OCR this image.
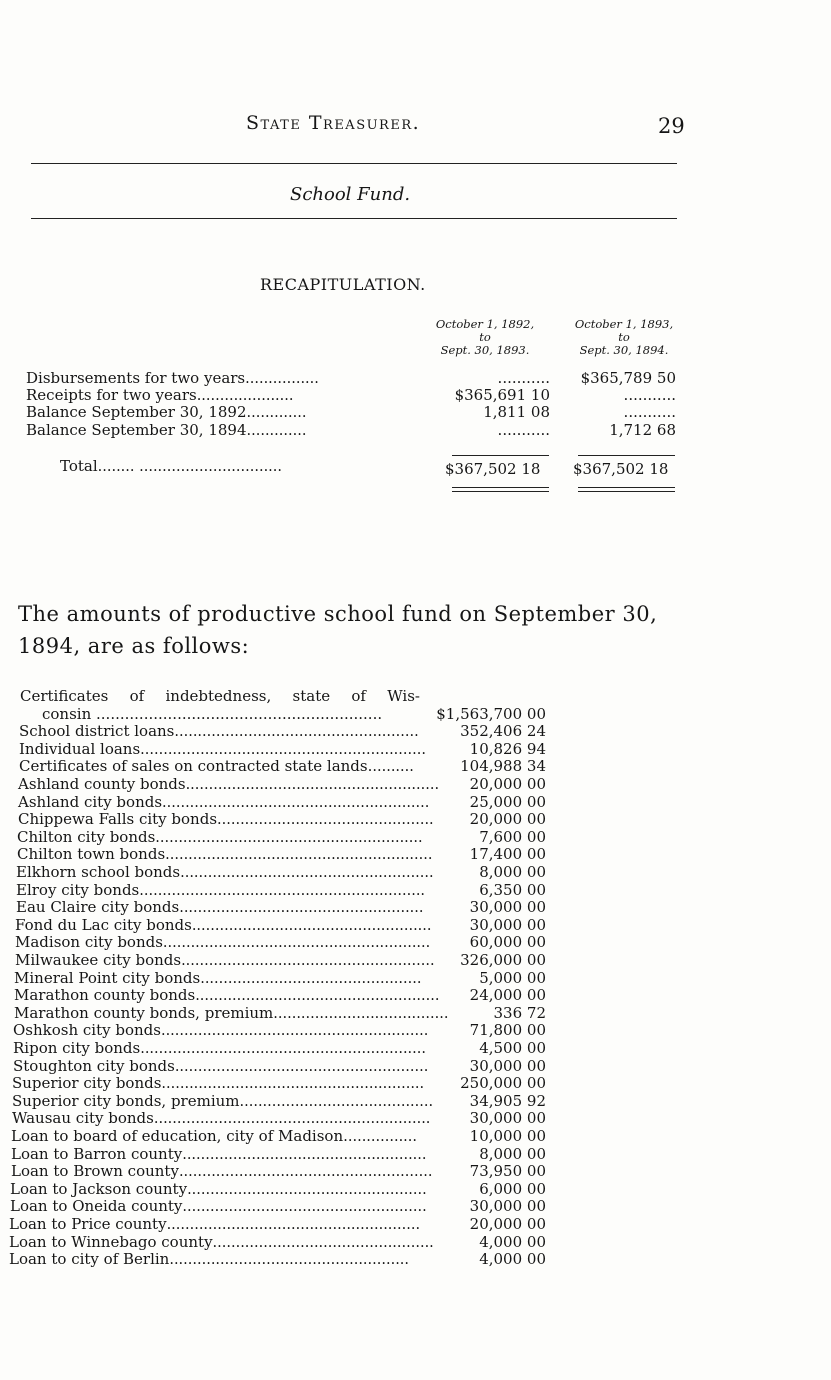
State Treasurer.	29
School Fund.
RECAPITULATION.
October 1, 1892,
to
Sept. 30, 1893.
October 1, 1893,
to
Sept. 30, 1894.
Disbursements for two years................	...........	$365,789 50
Receipts for two years.....................	$365,691 10	...........
Balance September 30, 1892.............	1,811 08	...........
Balance September 30, 1894.............	...........	1,712 68
Total........ ...............................	$367,502 18 $367,502 18
The amounts of productive school fund on September 30, 1894, are as follows:
Certificates of indebtedness, state of Wis-
consin ............................................................	$1,563,700 00
School district loans.....................................................	352,406 24
Individual loans..............................................................	10,826 94
Certificates of sales on contracted state lands..........	104,988 34
Ashland county bonds.......................................................	20,000 00
Ashland city bonds..........................................................	25,000 00
Chippewa Falls city bonds...............................................	20,000 00
Chilton city bonds..........................................................	7,600 00
Chilton town bonds..........................................................	17,400 00
Elkhorn school bonds.......................................................	8,000 00
Elroy city bonds..............................................................	6,350 00
Eau Claire city bonds.....................................................	30,000 00
Fond du Lac city bonds....................................................	30,000 00
Madison city bonds..........................................................	60,000 00
Milwaukee city bonds.......................................................	326,000 00
Mineral Point city bonds................................................	5,000 00
Marathon county bonds.....................................................	24,000 00
Marathon county bonds, premium......................................	336 72
Oshkosh city bonds..........................................................	71,800 00
Ripon city bonds..............................................................	4,500 00
Stoughton city bonds.......................................................	30,000 00
Superior city bonds.........................................................	250,000 00
Superior city bonds, premium..........................................	34,905 92
Wausau city bonds............................................................	30,000 00
Loan to board of education, city of Madison................	10,000 00
Loan to Barron county.....................................................	8,000 00
Loan to Brown county.......................................................	73,950 00
Loan to Jackson county....................................................	6,000 00
Loan to Oneida county.....................................................	30,000 00
Loan to Price county.......................................................	20,000 00
Loan to Winnebago county................................................	4,000 00
Loan to city of Berlin....................................................	4,000 00
